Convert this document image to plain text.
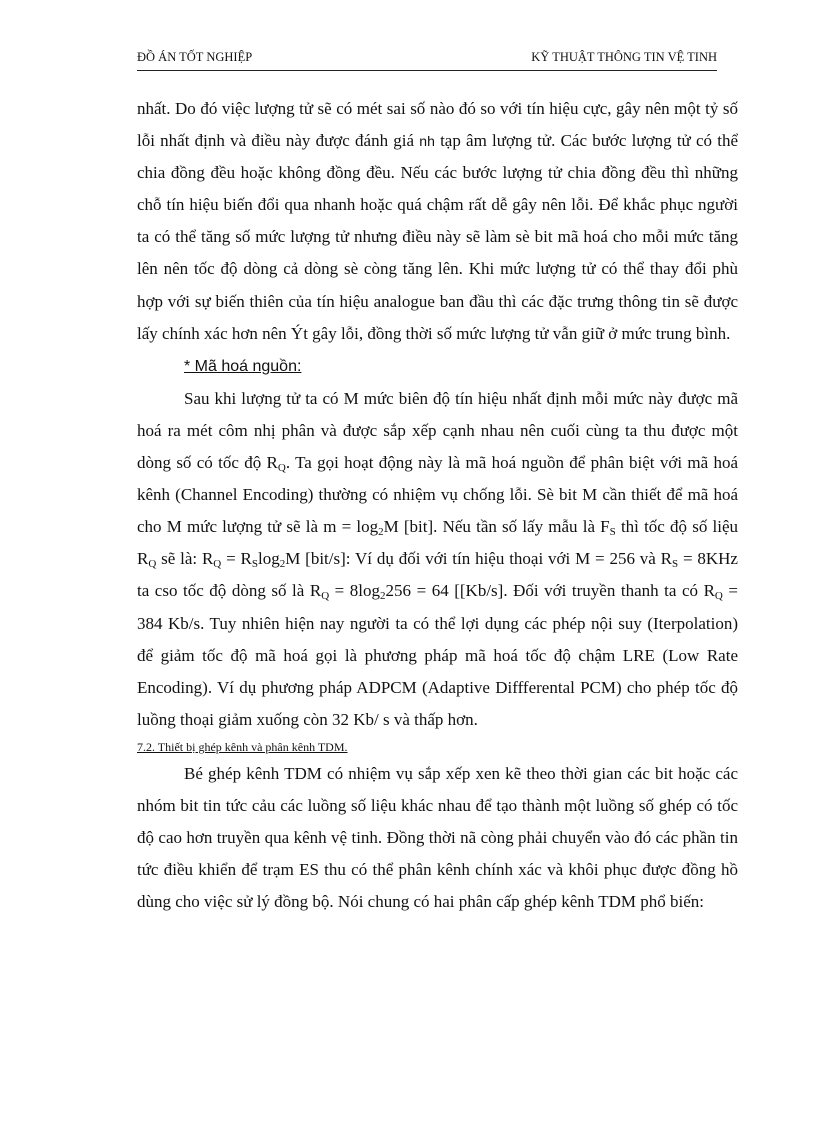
ĐỒ ÁN TỐT NGHIỆP	KỸ THUẬT THÔNG TIN VỆ TINH

nhất. Do đó việc lượng tử sẽ có mét sai số nào đó so với tín hiệu cực, gây nên một tỷ số lỗi nhất định và điều này được đánh giá nh tạp âm lượng tử. Các bước lượng tử có thể chia đồng đều hoặc không đồng đều. Nếu các bước lượng tử chia đồng đều thì những chỗ tín hiệu biến đổi qua nhanh hoặc quá chậm rất dễ gây nên lỗi. Để khắc phục người ta có thể tăng số mức lượng tử nhưng điều này sẽ làm sè bit mã hoá cho mỗi mức tăng lên nên tốc độ dòng cả dòng sè còng tăng lên. Khi mức lượng tử có thể thay đổi phù hợp với sự biến thiên của tín hiệu analogue ban đầu thì các đặc trưng thông tin sẽ được lấy chính xác hơn nên Ýt gây lỗi, đồng thời số mức lượng tử vẫn giữ ở mức trung bình.

* Mã hoá nguồn:

Sau khi lượng tử ta có M mức biên độ tín hiệu nhất định mỗi mức này được mã hoá ra mét côm nhị phân và được sắp xếp cạnh nhau nên cuối cùng ta thu được một dòng số có tốc độ $R_Q$. Ta gọi hoạt động này là mã hoá nguồn để phân biệt với mã hoá kênh (Channel Encoding) thường có nhiệm vụ chống lỗi. Sè bit M cần thiết để mã hoá cho M mức lượng tử sẽ là $m = \log_2M$ [bit]. Nếu tần số lấy mẫu là $F_S$ thì tốc độ số liệu $R_Q$ sẽ là: $R_Q = R_S\log_2M$ [bit/s]: Ví dụ đối với tín hiệu thoại với M = 256 và $R_S = 8KHz$ ta cso tốc độ dòng số là $R_Q = 8\log_2256 = 64$ [[Kb/s]. Đối với truyền thanh ta có $R_Q = 384$ Kb/s. Tuy nhiên hiện nay người ta có thể lợi dụng các phép nội suy (Iterpolation) để giảm tốc độ mã hoá gọi là phương pháp mã hoá tốc độ chậm LRE (Low Rate Encoding). Ví dụ phương pháp ADPCM (Adaptive Diffferental PCM) cho phép tốc độ luồng thoại giảm xuống còn 32 Kb/ s và thấp hơn.

7.2. Thiết bị ghép kênh và phân kênh TDM.

Bé ghép kênh TDM có nhiệm vụ sắp xếp xen kẽ theo thời gian các bit hoặc các nhóm bit tin tức cảu các luồng số liệu khác nhau để tạo thành một luồng số ghép có tốc độ cao hơn truyền qua kênh vệ tinh. Đồng thời nã còng phải chuyển vào đó các phần tin tức điều khiển để trạm ES thu có thể phân kênh chính xác và khôi phục được đồng hồ dùng cho việc sử lý đồng bộ. Nói chung có hai phân cấp ghép kênh TDM phổ biến:
